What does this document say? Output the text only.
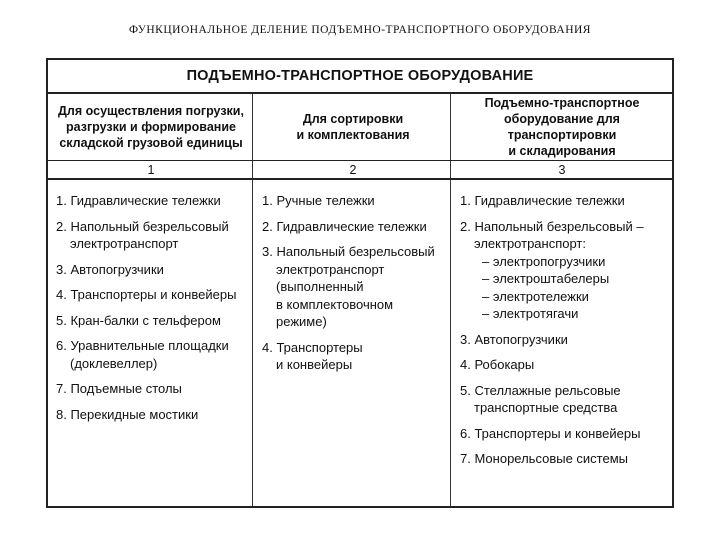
ФУНКЦИОНАЛЬНОЕ ДЕЛЕНИЕ ПОДЪЕМНО-ТРАНСПОРТНОГО ОБОРУДОВАНИЯ
ПОДЪЕМНО-ТРАНСПОРТНОЕ ОБОРУДОВАНИЕ
Для осуществления погрузки,
разгрузки и формирование
складской грузовой единицы
1
1. Гидравлические тележки
2. Напольный безрельсовый
электротранспорт
3. Автопогрузчики
4. Транспортеры и конвейеры
5. Кран-балки с тельфером
6. Уравнительные площадки
(доклевеллер)
7. Подъемные столы
8. Перекидные мостики
Для сортировки
и комплектования
2
1. Ручные тележки
2. Гидравлические тележки
3. Напольный безрельсовый
электротранспорт
(выполненный
в комплектовочном
режиме)
4. Транспортеры
и конвейеры
Подъемно-транспортное
оборудование для транспортировки
и складирования
3
1. Гидравлические тележки
2. Напольный безрельсовый –
электротранспорт:
– электропогрузчики
– электроштабелеры
– электротележки
– электротягачи
3. Автопогрузчики
4. Робокары
5. Стеллажные рельсовые
транспортные средства
6. Транспортеры и конвейеры
7. Монорельсовые системы
